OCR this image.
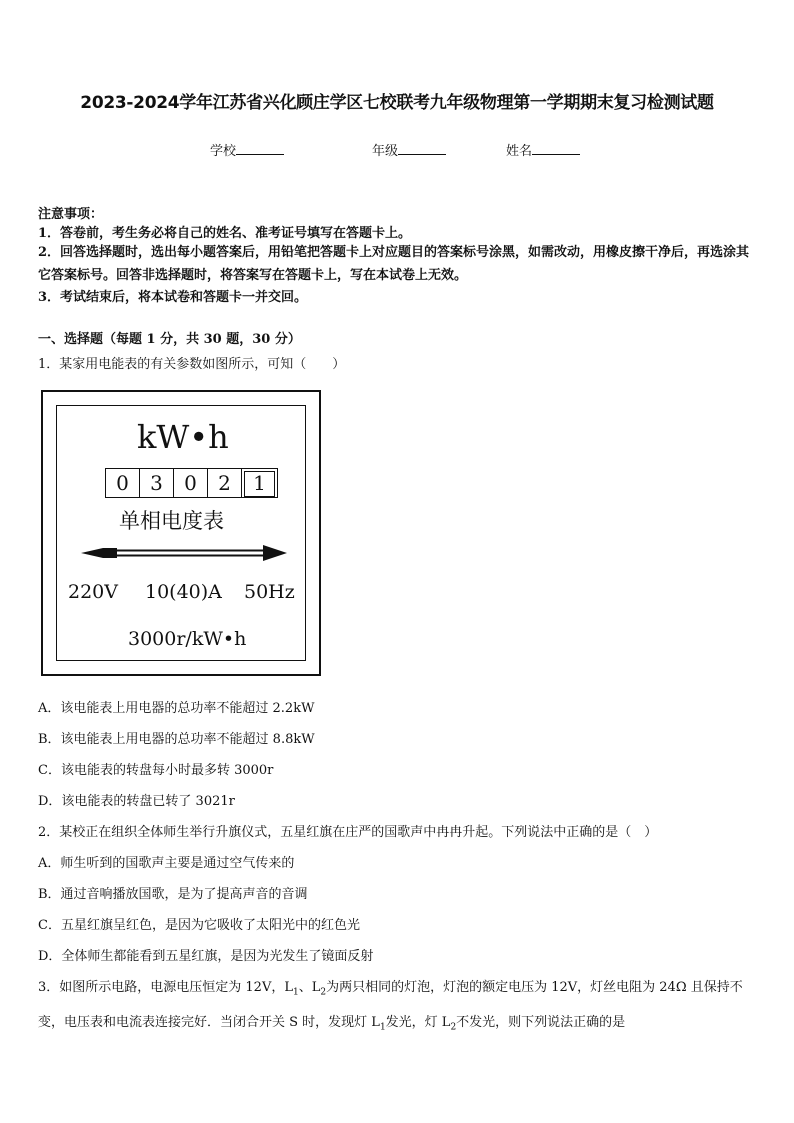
2023-2024学年江苏省兴化顾庄学区七校联考九年级物理第一学期期末复习检测试题
学校	年级	姓名
注意事项：
1．答卷前，考生务必将自己的姓名、准考证号填写在答题卡上。
2．回答选择题时，选出每小题答案后，用铅笔把答题卡上对应题目的答案标号涂黑，如需改动，用橡皮擦干净后，再选涂其它答案标号。回答非选择题时，将答案写在答题卡上，写在本试卷上无效。
3．考试结束后，将本试卷和答题卡一并交回。
一、选择题（每题 1 分，共 30 题，30 分）
1．某家用电能表的有关参数如图所示，可知（　　）
kW•h
0	3	0	2	1
单相电度表
220V 10(40)A 50Hz
3000r/kW•h
A．该电能表上用电器的总功率不能超过 2.2kW
B．该电能表上用电器的总功率不能超过 8.8kW
C．该电能表的转盘每小时最多转 3000r
D．该电能表的转盘已转了 3021r
2．某校正在组织全体师生举行升旗仪式，五星红旗在庄严的国歌声中冉冉升起。下列说法中正确的是（　）
A．师生听到的国歌声主要是通过空气传来的
B．通过音响播放国歌，是为了提高声音的音调
C．五星红旗呈红色，是因为它吸收了太阳光中的红色光
D．全体师生都能看到五星红旗，是因为光发生了镜面反射
3．如图所示电路，电源电压恒定为 12V，$L_1$、$L_2$为两只相同的灯泡，灯泡的额定电压为 12V，灯丝电阻为 24Ω 且保持不变，电压表和电流表连接完好．当闭合开关 S 时，发现灯 $L_1$发光，灯 $L_2$不发光，则下列说法正确的是
